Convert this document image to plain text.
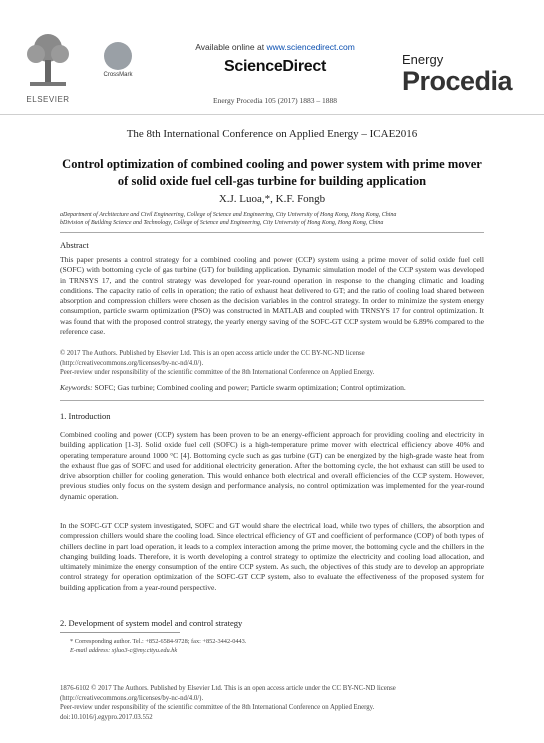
ELSEVIER
CrossMark
Available online at www.sciencedirect.com
ScienceDirect
Energy Procedia 105 (2017) 1883 – 1888
Energy
Procedia
The 8th International Conference on Applied Energy – ICAE2016
Control optimization of combined cooling and power system with prime mover
of solid oxide fuel cell-gas turbine for building application
X.J. Luoa,*, K.F. Fongb
aDepartment of Architecture and Civil Engineering, College of Science and Engineering, City University of Hong Kong, Hong Kong, China
bDivision of Building Science and Technology, College of Science and Engineering, City University of Hong Kong, Hong Kong, China
Abstract
This paper presents a control strategy for a combined cooling and power (CCP) system using a prime mover of solid oxide fuel cell (SOFC) with bottoming cycle of gas turbine (GT) for building application. Dynamic simulation model of the CCP system was developed in TRNSYS 17, and the control strategy was developed for year-round operation in response to the changing climatic and loading conditions. The capacity ratio of cells in operation; the ratio of exhaust heat delivered to GT; and the ratio of cooling load shared between absorption and compression chillers were chosen as the decision variables in the control strategy. In order to minimize the system energy consumption, particle swarm optimization (PSO) was constructed in MATLAB and coupled with TRNSYS 17 for control optimization. It was found that with the proposed control strategy, the yearly energy saving of the SOFC-GT CCP system would be 6.89% compared to the reference case.
© 2017 The Authors. Published by Elsevier Ltd. This is an open access article under the CC BY-NC-ND license
(http://creativecommons.org/licenses/by-nc-nd/4.0/).
Peer-review under responsibility of the scientific committee of the 8th International Conference on Applied Energy.
Keywords: SOFC; Gas turbine; Combined cooling and power; Particle swarm optimization; Control optimization.
1. Introduction
Combined cooling and power (CCP) system has been proven to be an energy-efficient approach for providing cooling and electricity in building application [1-3]. Solid oxide fuel cell (SOFC) is a high-temperature prime mover with electrical efficiency above 40% and operating temperature around 1000 °C [4]. Bottoming cycle such as gas turbine (GT) can be energized by the high-grade waste heat from the exhaust flue gas of SOFC and used for additional electricity generation. After the bottoming cycle, the hot exhaust can still be used to drive absorption chiller for cooling generation. This would enhance both electrical and overall efficiencies of the CCP system. However, previous studies only focus on the system design and performance analysis, no control optimization was implemented for the year-round dynamic operation.
In the SOFC-GT CCP system investigated, SOFC and GT would share the electrical load, while two types of chillers, the absorption and compression chillers would share the cooling load. Since electrical efficiency of GT and coefficient of performance (COP) of both types of chillers decline in part load operation, it leads to a complex interaction among the prime mover, the bottoming cycle and the chillers in the changing building loads. Therefore, it is worth developing a control strategy to optimize the electricity and cooling load allocation, and ultimately minimize the energy consumption of the entire CCP system. As such, the objectives of this study are to develop an appropriate control strategy for operation optimization of the SOFC-GT CCP system, also to evaluate the effectiveness of the proposed system for building application from a year-round perspective.
2. Development of system model and control strategy
* Corresponding author. Tel.: +852-6584-9728; fax: +852-3442-0443.
E-mail address: xjluo3-c@my.cityu.edu.hk
1876-6102 © 2017 The Authors. Published by Elsevier Ltd. This is an open access article under the CC BY-NC-ND license
(http://creativecommons.org/licenses/by-nc-nd/4.0/).
Peer-review under responsibility of the scientific committee of the 8th International Conference on Applied Energy.
doi:10.1016/j.egypro.2017.03.552
